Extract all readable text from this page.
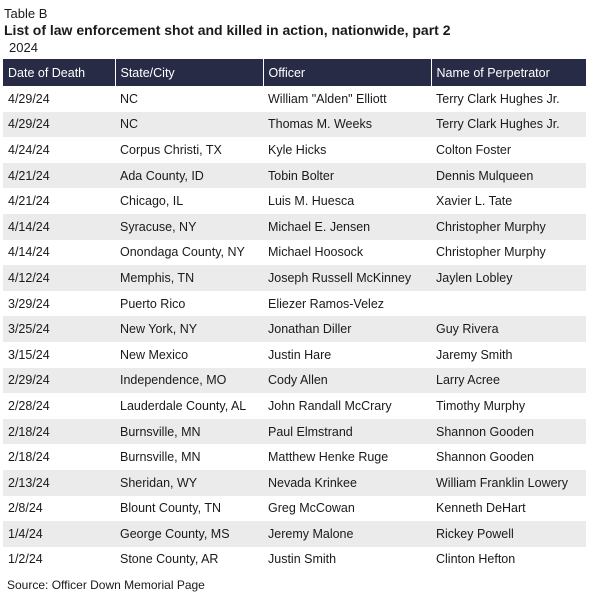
Table B
List of law enforcement shot and killed in action, nationwide, part 2
2024
Date of Death	State/City	Officer	Name of Perpetrator
4/29/24	NC	William "Alden" Elliott	Terry Clark Hughes Jr.
4/29/24	NC	Thomas M. Weeks	Terry Clark Hughes Jr.
4/24/24	Corpus Christi, TX	Kyle Hicks	Colton Foster
4/21/24	Ada County, ID	Tobin Bolter	Dennis Mulqueen
4/21/24	Chicago, IL	Luis M. Huesca	Xavier L. Tate
4/14/24	Syracuse, NY	Michael E. Jensen	Christopher Murphy
4/14/24	Onondaga County, NY	Michael Hoosock	Christopher Murphy
4/12/24	Memphis, TN	Joseph Russell McKinney	Jaylen Lobley
3/29/24	Puerto Rico	Eliezer Ramos-Velez	
3/25/24	New York, NY	Jonathan Diller	Guy Rivera
3/15/24	New Mexico	Justin Hare	Jaremy Smith
2/29/24	Independence, MO	Cody Allen	Larry Acree
2/28/24	Lauderdale County, AL	John Randall McCrary	Timothy Murphy
2/18/24	Burnsville, MN	Paul Elmstrand	Shannon Gooden
2/18/24	Burnsville, MN	Matthew Henke Ruge	Shannon Gooden
2/13/24	Sheridan, WY	Nevada Krinkee	William Franklin Lowery
2/8/24	Blount County, TN	Greg McCowan	Kenneth DeHart
1/4/24	George County, MS	Jeremy Malone	Rickey Powell
1/2/24	Stone County, AR	Justin Smith	Clinton Hefton
Source: Officer Down Memorial Page
